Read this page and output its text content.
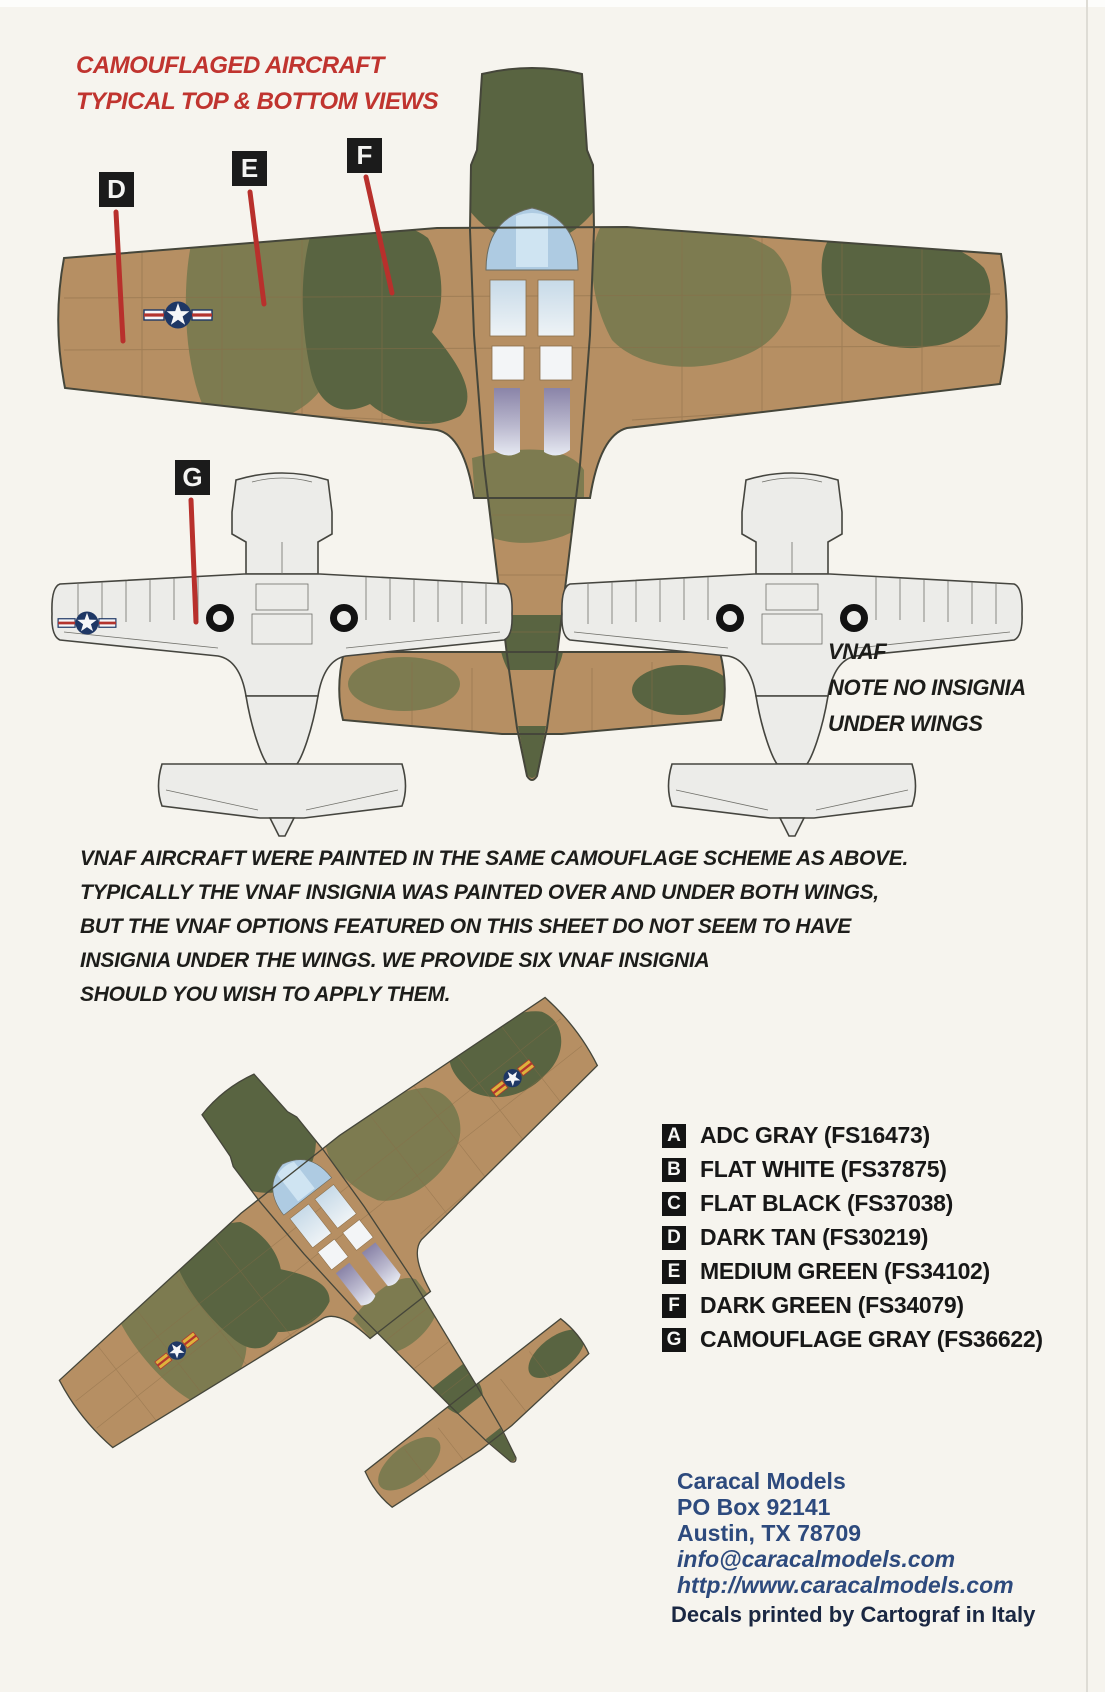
CAMOUFLAGED AIRCRAFT
TYPICAL TOP & BOTTOM VIEWS
D
E	F
G
VNAF
NOTE NO INSIGNIA
UNDER WINGS
VNAF AIRCRAFT WERE PAINTED IN THE SAME CAMOUFLAGE SCHEME AS ABOVE.
TYPICALLY THE VNAF INSIGNIA WAS PAINTED OVER AND UNDER BOTH WINGS,
BUT THE VNAF OPTIONS FEATURED ON THIS SHEET DO NOT SEEM TO HAVE
INSIGNIA UNDER THE WINGS. WE PROVIDE SIX VNAF INSIGNIA
SHOULD YOU WISH TO APPLY THEM.
A ADC GRAY (FS16473)
B FLAT WHITE (FS37875)
C FLAT BLACK (FS37038)
D DARK TAN (FS30219)
E MEDIUM GREEN (FS34102)
F DARK GREEN (FS34079)
G CAMOUFLAGE GRAY (FS36622)
Caracal Models
PO Box 92141
Austin, TX 78709
info@caracalmodels.com
http://www.caracalmodels.com
Decals printed by Cartograf in Italy
